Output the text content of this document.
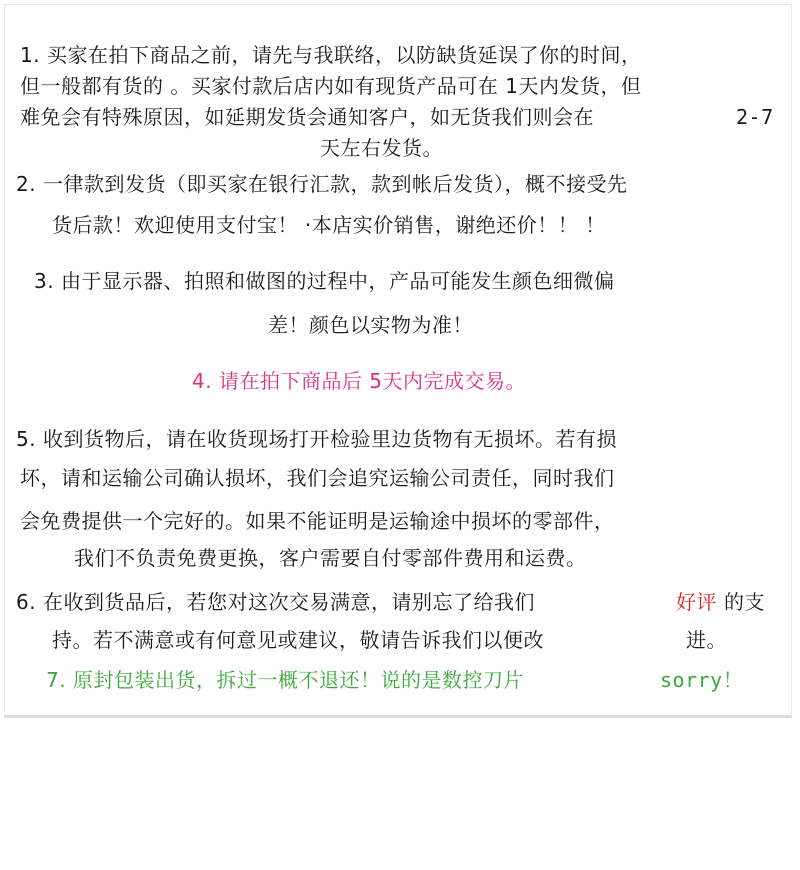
1. 买家在拍下商品之前，请先与我联络，以防缺货延误了你的时间，
但一般都有货的 。买家付款后店内如有现货产品可在 1天内发货，但
难免会有特殊原因，如延期发货会通知客户，如无货我们则会在	2-7
天左右发货。
2. 一律款到发货（即买家在银行汇款，款到帐后发货），概不接受先
货后款！欢迎使用支付宝！ ·本店实价销售，谢绝还价！！ ！
3. 由于显示器、拍照和做图的过程中，产品可能发生颜色细微偏
差！颜色以实物为准！
4. 请在拍下商品后 5天内完成交易。
5. 收到货物后，请在收货现场打开检验里边货物有无损坏。若有损
坏，请和运输公司确认损坏，我们会追究运输公司责任，同时我们
会免费提供一个完好的。如果不能证明是运输途中损坏的零部件，
我们不负责免费更换，客户需要自付零部件费用和运费。
6. 在收到货品后，若您对这次交易满意，请别忘了给我们	好评 的支
持。若不满意或有何意见或建议，敬请告诉我们以便改	进。
7. 原封包装出货，拆过一概不退还！说的是数控刀片	sorry！
